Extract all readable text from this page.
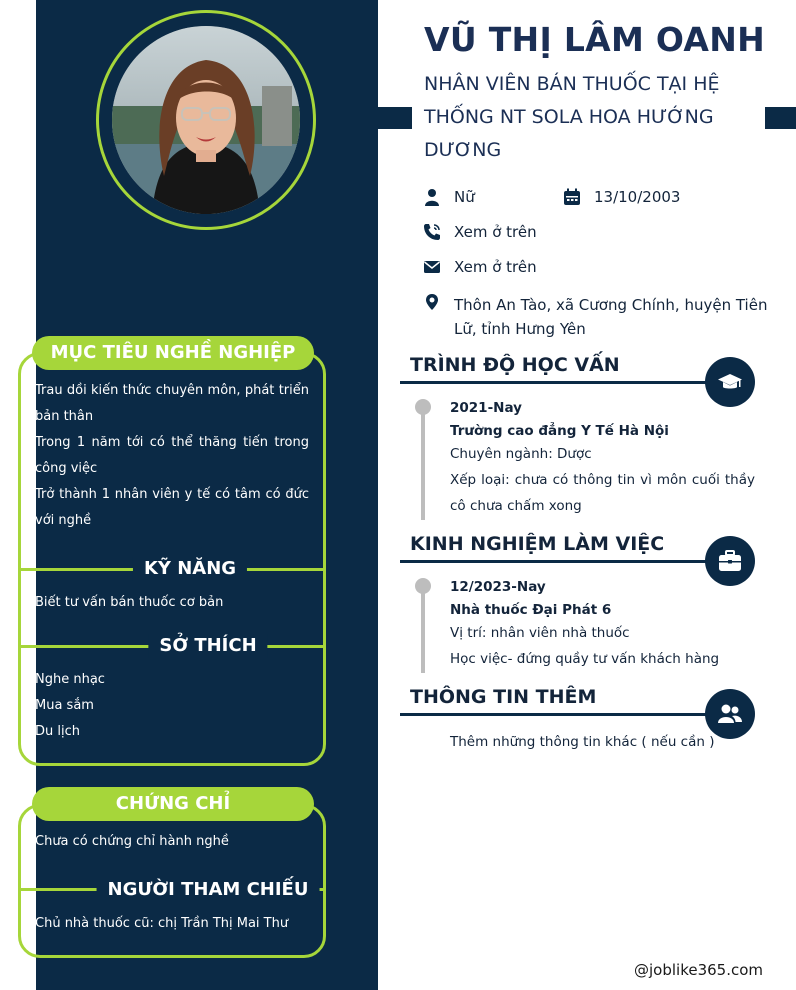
MỤC TIÊU NGHỀ NGHIỆP
Trau dồi kiến thức chuyên môn, phát triển bản thân
Trong 1 năm tới có thể thăng tiến trong công việc
Trở thành 1 nhân viên y tế có tâm có đức với nghề
KỸ NĂNG
Biết tư vấn bán thuốc cơ bản
SỞ THÍCH
Nghe nhạc
Mua sắm
Du lịch
CHỨNG CHỈ
Chưa có chứng chỉ hành nghề
NGƯỜI THAM CHIẾU
Chủ nhà thuốc cũ: chị Trần Thị Mai Thư
VŨ THỊ LÂM OANH
NHÂN VIÊN BÁN THUỐC TẠI HỆ THỐNG NT SOLA HOA HƯỚNG DƯƠNG
Nữ	13/10/2003
Xem ở trên
Xem ở trên
Thôn An Tào, xã Cương Chính, huyện Tiên Lữ, tỉnh Hưng Yên
TRÌNH ĐỘ HỌC VẤN
2021-Nay
Trường cao đẳng Y Tế Hà Nội
Chuyên ngành: Dược
Xếp loại: chưa có thông tin vì môn cuối thầy cô chưa chấm xong
KINH NGHIỆM LÀM VIỆC
12/2023-Nay
Nhà thuốc Đại Phát 6
Vị trí: nhân viên nhà thuốc
Học việc- đứng quầy tư vấn khách hàng
THÔNG TIN THÊM
Thêm những thông tin khác ( nếu cần )
@joblike365.com
